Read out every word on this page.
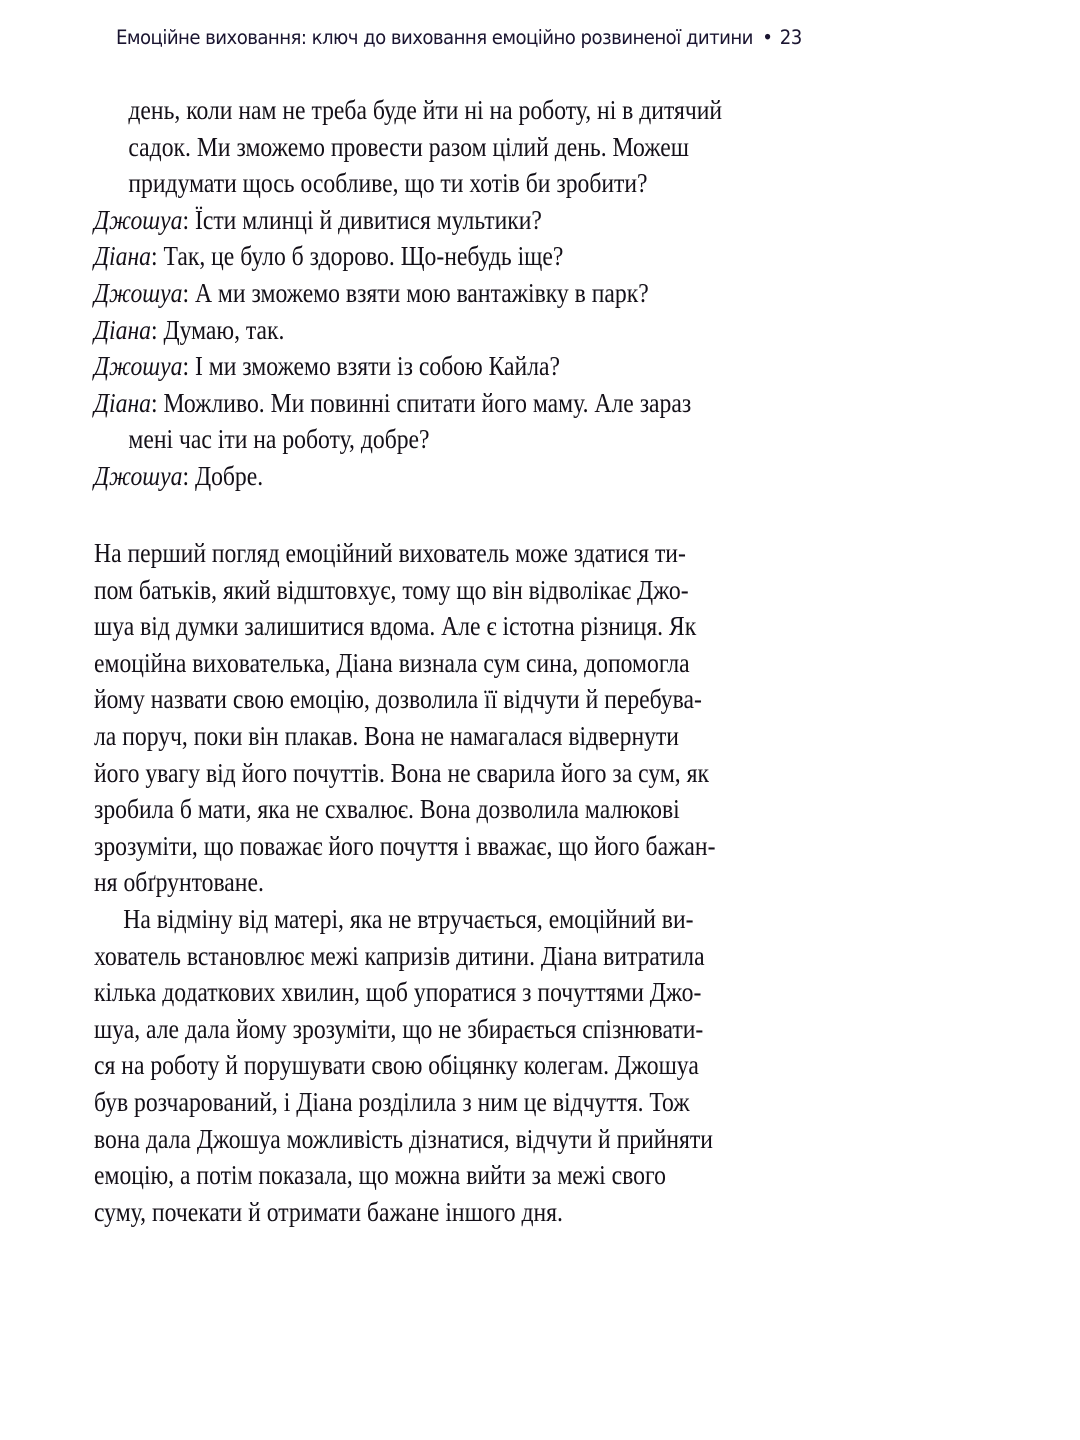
Емоційне виховання: ключ до виховання емоційно розвиненої дитини • 23
день, коли нам не треба буде йти ні на роботу, ні в дитячий
садок. Ми зможемо провести разом цілий день. Можеш
придумати щось особливе, що ти хотів би зробити?
Джошуа: Їсти млинці й дивитися мультики?
Діана: Так, це було б здорово. Що-небудь іще?
Джошуа: А ми зможемо взяти мою вантажівку в парк?
Діана: Думаю, так.
Джошуа: І ми зможемо взяти із собою Кайла?
Діана: Можливо. Ми повинні спитати його маму. Але зараз
мені час іти на роботу, добре?
Джошуа: Добре.
На перший погляд емоційний вихователь може здатися ти-
пом батьків, який відштовхує, тому що він відволікає Джо-
шуа від думки залишитися вдома. Але є істотна різниця. Як
емоційна вихователька, Діана визнала сум сина, допомогла
йому назвати свою емоцію, дозволила її відчути й перебува-
ла поруч, поки він плакав. Вона не намагалася відвернути
його увагу від його почуттів. Вона не сварила його за сум, як
зробила б мати, яка не схвалює. Вона дозволила малюкові
зрозуміти, що поважає його почуття і вважає, що його бажан-
ня обґрунтоване.
На відміну від матері, яка не втручається, емоційний ви-
хователь встановлює межі капризів дитини. Діана витратила
кілька додаткових хвилин, щоб упоратися з почуттями Джо-
шуа, але дала йому зрозуміти, що не збирається спізнювати-
ся на роботу й порушувати свою обіцянку колегам. Джошуа
був розчарований, і Діана розділила з ним це відчуття. Тож
вона дала Джошуа можливість дізнатися, відчути й прийняти
емоцію, а потім показала, що можна вийти за межі свого
суму, почекати й отримати бажане іншого дня.
